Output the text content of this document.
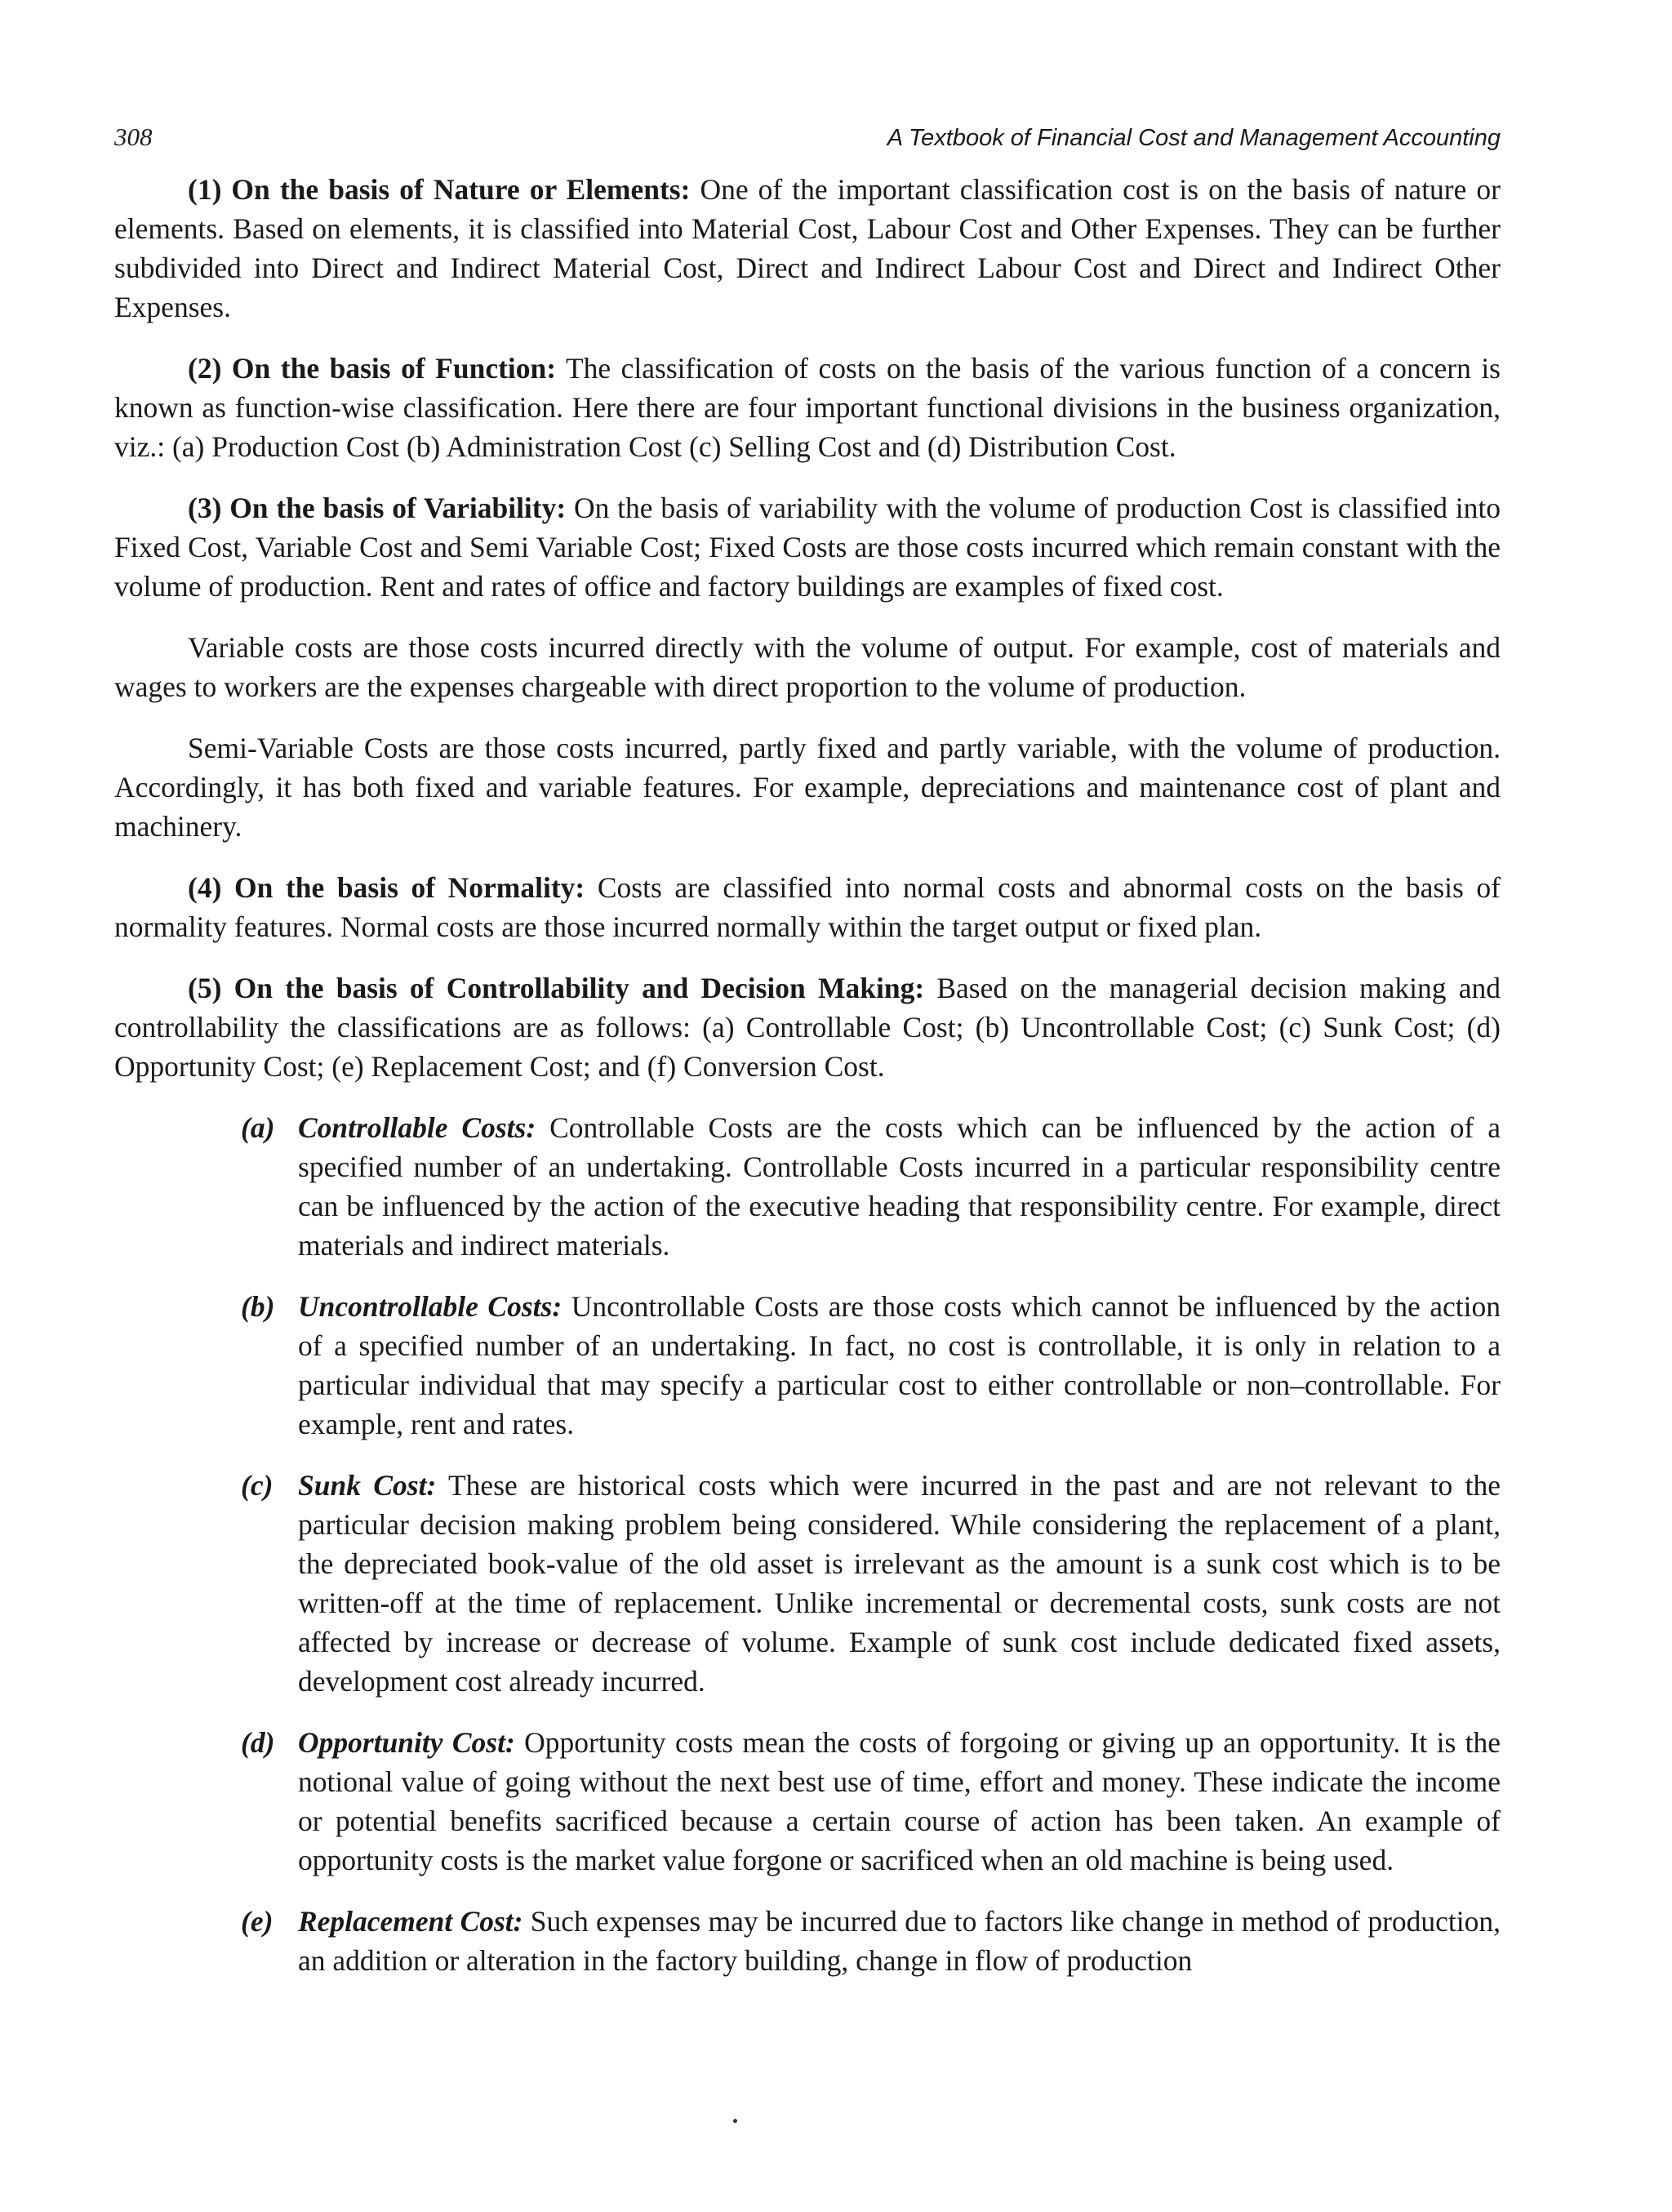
308	A Textbook of Financial Cost and Management Accounting

(1) On the basis of Nature or Elements: One of the important classification cost is on the basis of nature or elements. Based on elements, it is classified into Material Cost, Labour Cost and Other Expenses. They can be further subdivided into Direct and Indirect Material Cost, Direct and Indirect Labour Cost and Direct and Indirect Other Expenses.

(2) On the basis of Function: The classification of costs on the basis of the various function of a concern is known as function-wise classification. Here there are four important functional divisions in the business organization, viz.: (a) Production Cost (b) Administration Cost (c) Selling Cost and (d) Distribution Cost.

(3) On the basis of Variability: On the basis of variability with the volume of production Cost is classified into Fixed Cost, Variable Cost and Semi Variable Cost; Fixed Costs are those costs incurred which remain constant with the volume of production. Rent and rates of office and factory buildings are examples of fixed cost.

Variable costs are those costs incurred directly with the volume of output. For example, cost of materials and wages to workers are the expenses chargeable with direct proportion to the volume of production.

Semi-Variable Costs are those costs incurred, partly fixed and partly variable, with the volume of production. Accordingly, it has both fixed and variable features. For example, depreciations and maintenance cost of plant and machinery.

(4) On the basis of Normality: Costs are classified into normal costs and abnormal costs on the basis of normality features. Normal costs are those incurred normally within the target output or fixed plan.

(5) On the basis of Controllability and Decision Making: Based on the managerial decision making and controllability the classifications are as follows: (a) Controllable Cost; (b) Uncontrollable Cost; (c) Sunk Cost; (d) Opportunity Cost; (e) Replacement Cost; and (f) Conversion Cost.

(a) Controllable Costs: Controllable Costs are the costs which can be influenced by the action of a specified number of an undertaking. Controllable Costs incurred in a particular responsibility centre can be influenced by the action of the executive heading that responsibility centre. For example, direct materials and indirect materials.

(b) Uncontrollable Costs: Uncontrollable Costs are those costs which cannot be influenced by the action of a specified number of an undertaking. In fact, no cost is controllable, it is only in relation to a particular individual that may specify a particular cost to either controllable or non–controllable. For example, rent and rates.

(c) Sunk Cost: These are historical costs which were incurred in the past and are not relevant to the particular decision making problem being considered. While considering the replacement of a plant, the depreciated book-value of the old asset is irrelevant as the amount is a sunk cost which is to be written-off at the time of replacement. Unlike incremental or decremental costs, sunk costs are not affected by increase or decrease of volume. Example of sunk cost include dedicated fixed assets, development cost already incurred.

(d) Opportunity Cost: Opportunity costs mean the costs of forgoing or giving up an opportunity. It is the notional value of going without the next best use of time, effort and money. These indicate the income or potential benefits sacrificed because a certain course of action has been taken. An example of opportunity costs is the market value forgone or sacrificed when an old machine is being used.

(e) Replacement Cost: Such expenses may be incurred due to factors like change in method of production, an addition or alteration in the factory building, change in flow of production
